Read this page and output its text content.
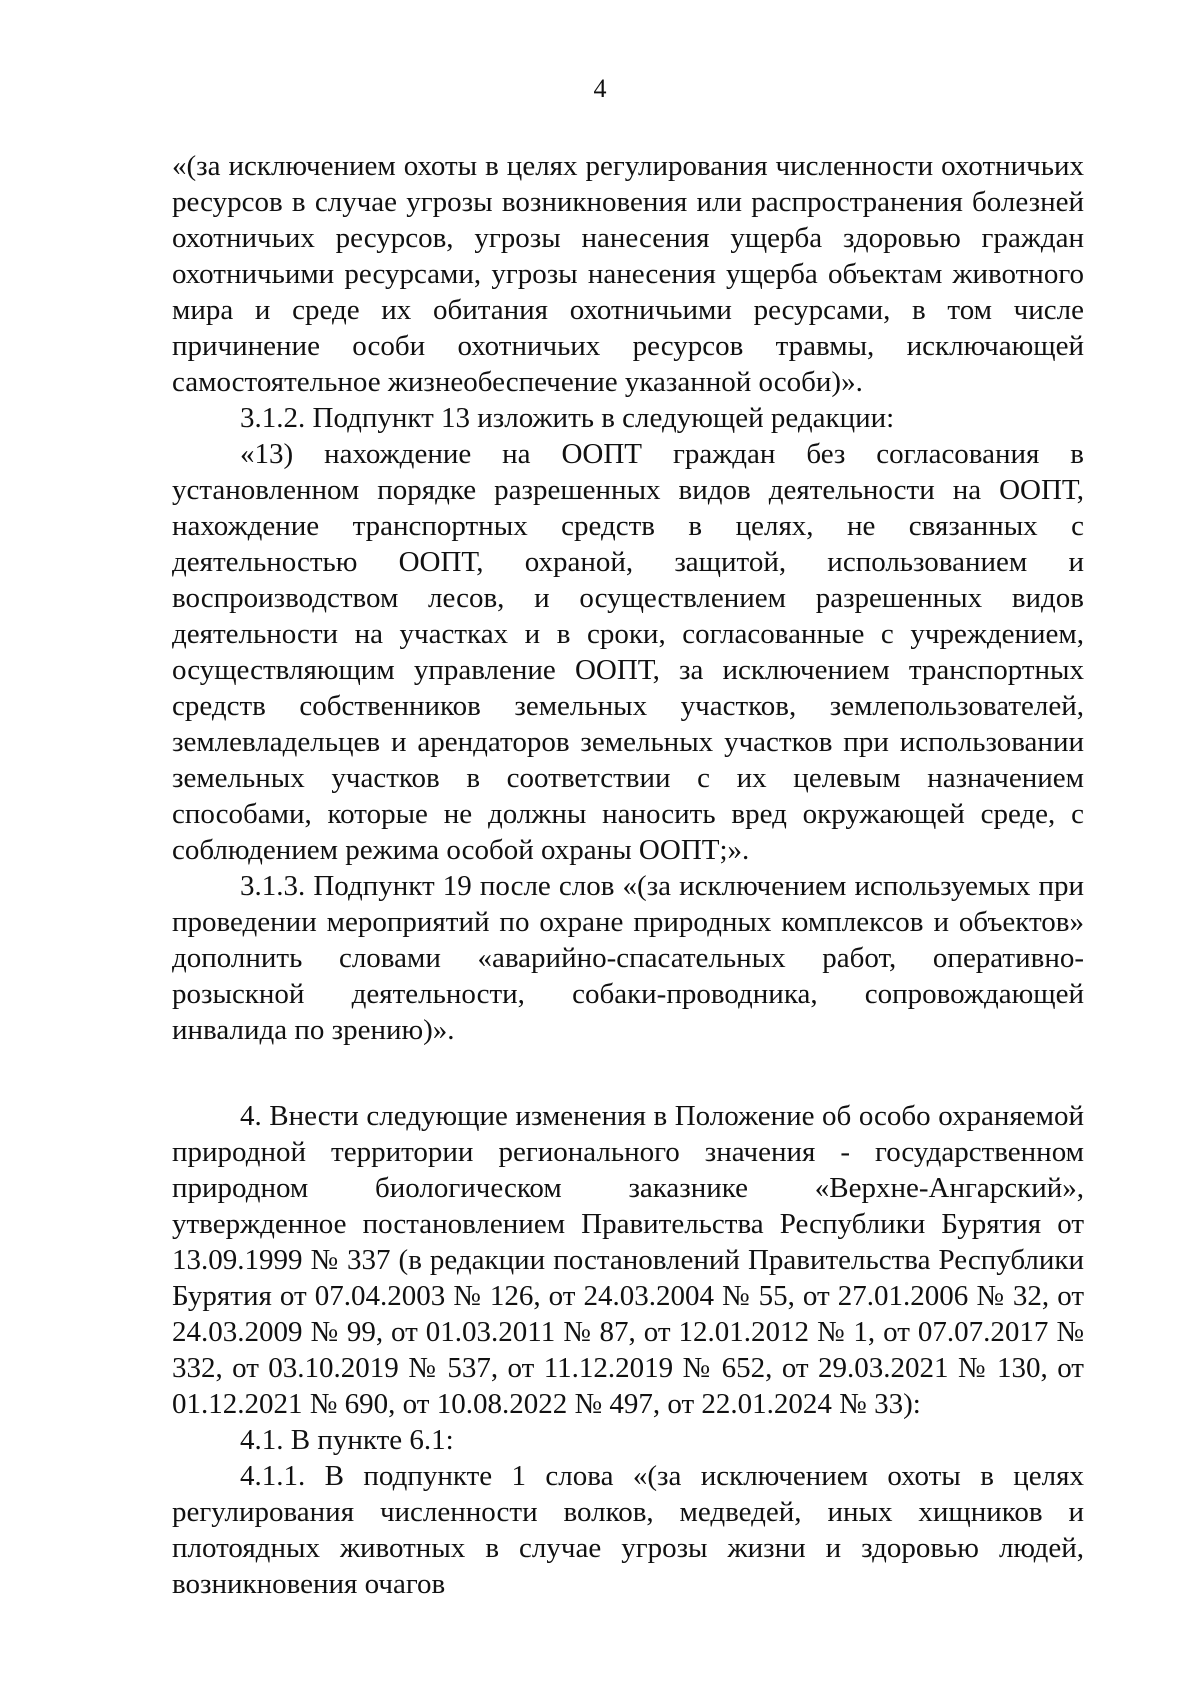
4

«(за исключением охоты в целях регулирования численности охотничьих ресурсов в случае угрозы возникновения или распространения болезней охотничьих ресурсов, угрозы нанесения ущерба здоровью граждан охотничьими ресурсами, угрозы нанесения ущерба объектам животного мира и среде их обитания охотничьими ресурсами, в том числе причинение особи охотничьих ресурсов травмы, исключающей самостоятельное жизнеобеспечение указанной особи)».

3.1.2. Подпункт 13 изложить в следующей редакции:

«13) нахождение на ООПТ граждан без согласования в установленном порядке разрешенных видов деятельности на ООПТ, нахождение транспортных средств в целях, не связанных с деятельностью ООПТ, охраной, защитой, использованием и воспроизводством лесов, и осуществлением разрешенных видов деятельности на участках и в сроки, согласованные с учреждением, осуществляющим управление ООПТ, за исключением транспортных средств собственников земельных участков, землепользователей, землевладельцев и арендаторов земельных участков при использовании земельных участков в соответствии с их целевым назначением способами, которые не должны наносить вред окружающей среде, с соблюдением режима особой охраны ООПТ;».

3.1.3. Подпункт 19 после слов «(за исключением используемых при проведении мероприятий по охране природных комплексов и объектов» дополнить словами «аварийно-спасательных работ, оперативно-розыскной деятельности, собаки-проводника, сопровождающей инвалида по зрению)».

4. Внести следующие изменения в Положение об особо охраняемой природной территории регионального значения - государственном природном биологическом заказнике «Верхне-Ангарский», утвержденное постановлением Правительства Республики Бурятия от 13.09.1999 № 337 (в редакции постановлений Правительства Республики Бурятия от 07.04.2003 № 126, от 24.03.2004 № 55, от 27.01.2006 № 32, от 24.03.2009 № 99, от 01.03.2011 № 87, от 12.01.2012 № 1, от 07.07.2017 № 332, от 03.10.2019 № 537, от 11.12.2019 № 652, от 29.03.2021 № 130, от 01.12.2021 № 690, от 10.08.2022 № 497, от 22.01.2024 № 33):

4.1. В пункте 6.1:

4.1.1. В подпункте 1 слова «(за исключением охоты в целях регулирования численности волков, медведей, иных хищников и плотоядных животных в случае угрозы жизни и здоровью людей, возникновения очагов
